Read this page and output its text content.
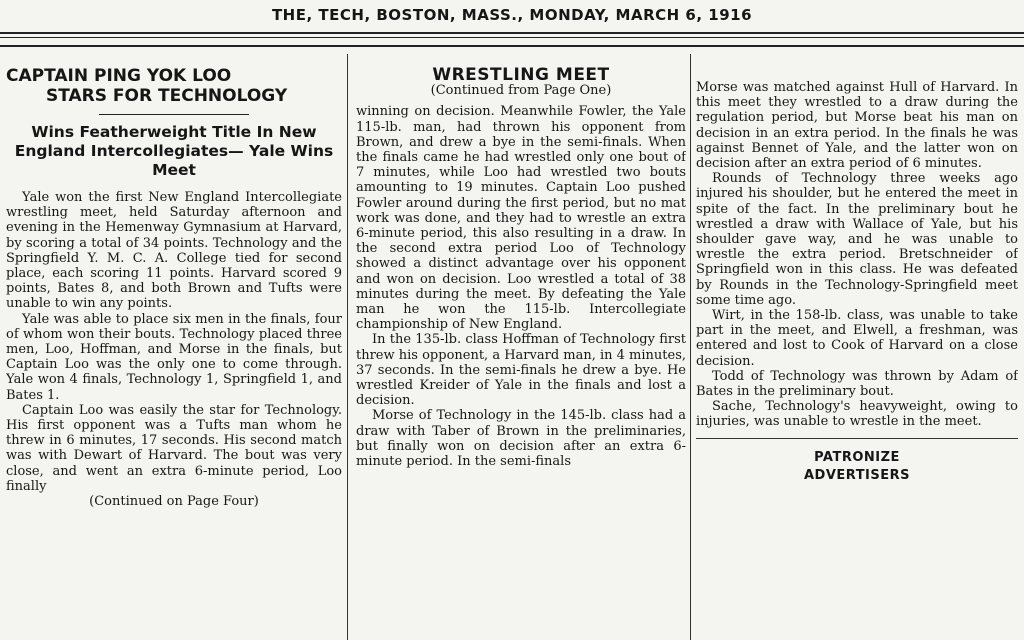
THE, TECH, BOSTON, MASS., MONDAY, MARCH 6, 1916
CAPTAIN PING YOK LOO
STARS FOR TECHNOLOGY
Wins Featherweight Title In New England Intercollegiates— Yale Wins Meet

Yale won the first New England Intercollegiate wrestling meet, held Saturday afternoon and evening in the Hemenway Gymnasium at Harvard, by scoring a total of 34 points. Technology and the Springfield Y. M. C. A. College tied for second place, each scoring 11 points. Harvard scored 9 points, Bates 8, and both Brown and Tufts were unable to win any points.

Yale was able to place six men in the finals, four of whom won their bouts. Technology placed three men, Loo, Hoffman, and Morse in the finals, but Captain Loo was the only one to come through. Yale won 4 finals, Technology 1, Springfield 1, and Bates 1.

Captain Loo was easily the star for Technology. His first opponent was a Tufts man whom he threw in 6 minutes, 17 seconds. His second match was with Dewart of Harvard. The bout was very close, and went an extra 6-minute period, Loo finally

(Continued on Page Four)

WRESTLING MEET
(Continued from Page One)

winning on decision. Meanwhile Fowler, the Yale 115-lb. man, had thrown his opponent from Brown, and drew a bye in the semi-finals. When the finals came he had wrestled only one bout of 7 minutes, while Loo had wrestled two bouts amounting to 19 minutes. Captain Loo pushed Fowler around during the first period, but no mat work was done, and they had to wrestle an extra 6-minute period, this also resulting in a draw. In the second extra period Loo of Technology showed a distinct advantage over his opponent and won on decision. Loo wrestled a total of 38 minutes during the meet. By defeating the Yale man he won the 115-lb. Intercollegiate championship of New England.

In the 135-lb. class Hoffman of Technology first threw his opponent, a Harvard man, in 4 minutes, 37 seconds. In the semi-finals he drew a bye. He wrestled Kreider of Yale in the finals and lost a decision.

Morse of Technology in the 145-lb. class had a draw with Taber of Brown in the preliminaries, but finally won on decision after an extra 6-minute period. In the semi-finals

Morse was matched against Hull of Harvard. In this meet they wrestled to a draw during the regulation period, but Morse beat his man on decision in an extra period. In the finals he was against Bennet of Yale, and the latter won on decision after an extra period of 6 minutes.

Rounds of Technology three weeks ago injured his shoulder, but he entered the meet in spite of the fact. In the preliminary bout he wrestled a draw with Wallace of Yale, but his shoulder gave way, and he was unable to wrestle the extra period. Bretschneider of Springfield won in this class. He was defeated by Rounds in the Technology-Springfield meet some time ago.

Wirt, in the 158-lb. class, was unable to take part in the meet, and Elwell, a freshman, was entered and lost to Cook of Harvard on a close decision.

Todd of Technology was thrown by Adam of Bates in the preliminary bout.

Sache, Technology's heavyweight, owing to injuries, was unable to wrestle in the meet.

PATRONIZE
ADVERTISERS
